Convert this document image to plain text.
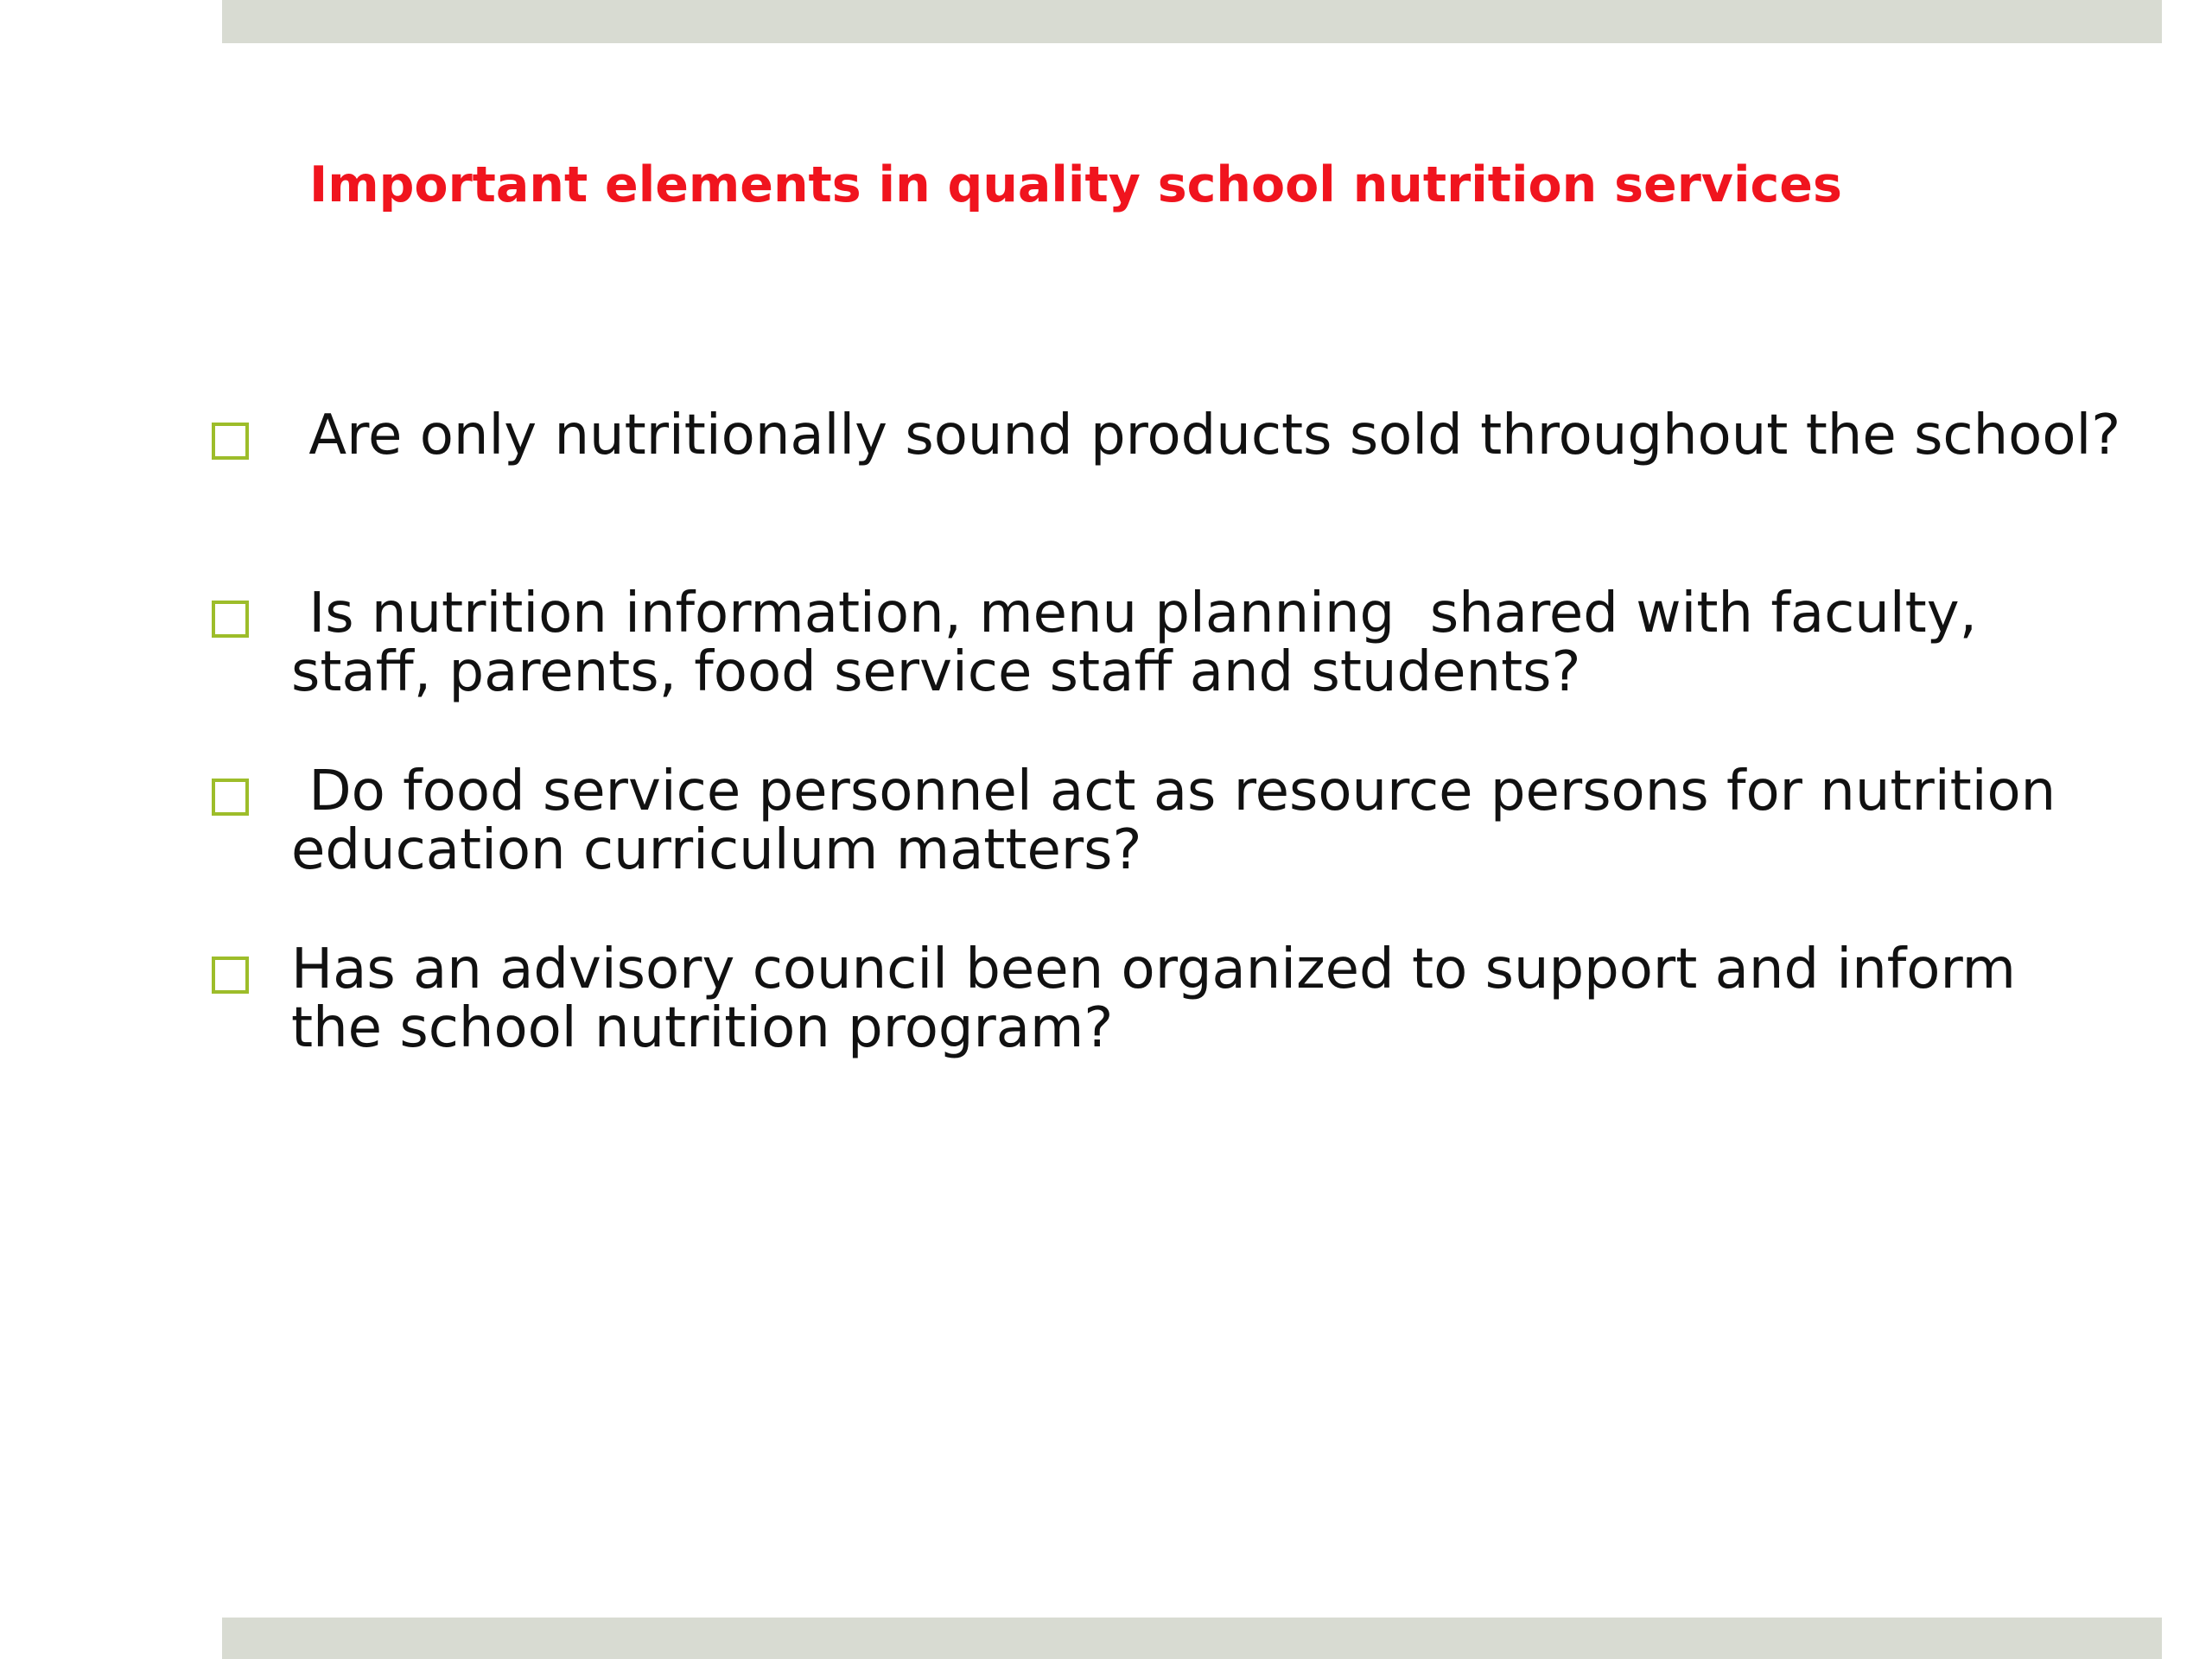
Important elements in quality school nutrition services
Are only nutritionally sound products sold throughout the school?
Is nutrition information, menu planning  shared with faculty, staff, parents, food service staff and students?
Do food service personnel act as resource persons for nutrition education curriculum matters?
Has an advisory council been organized to support and inform the school nutrition program?
